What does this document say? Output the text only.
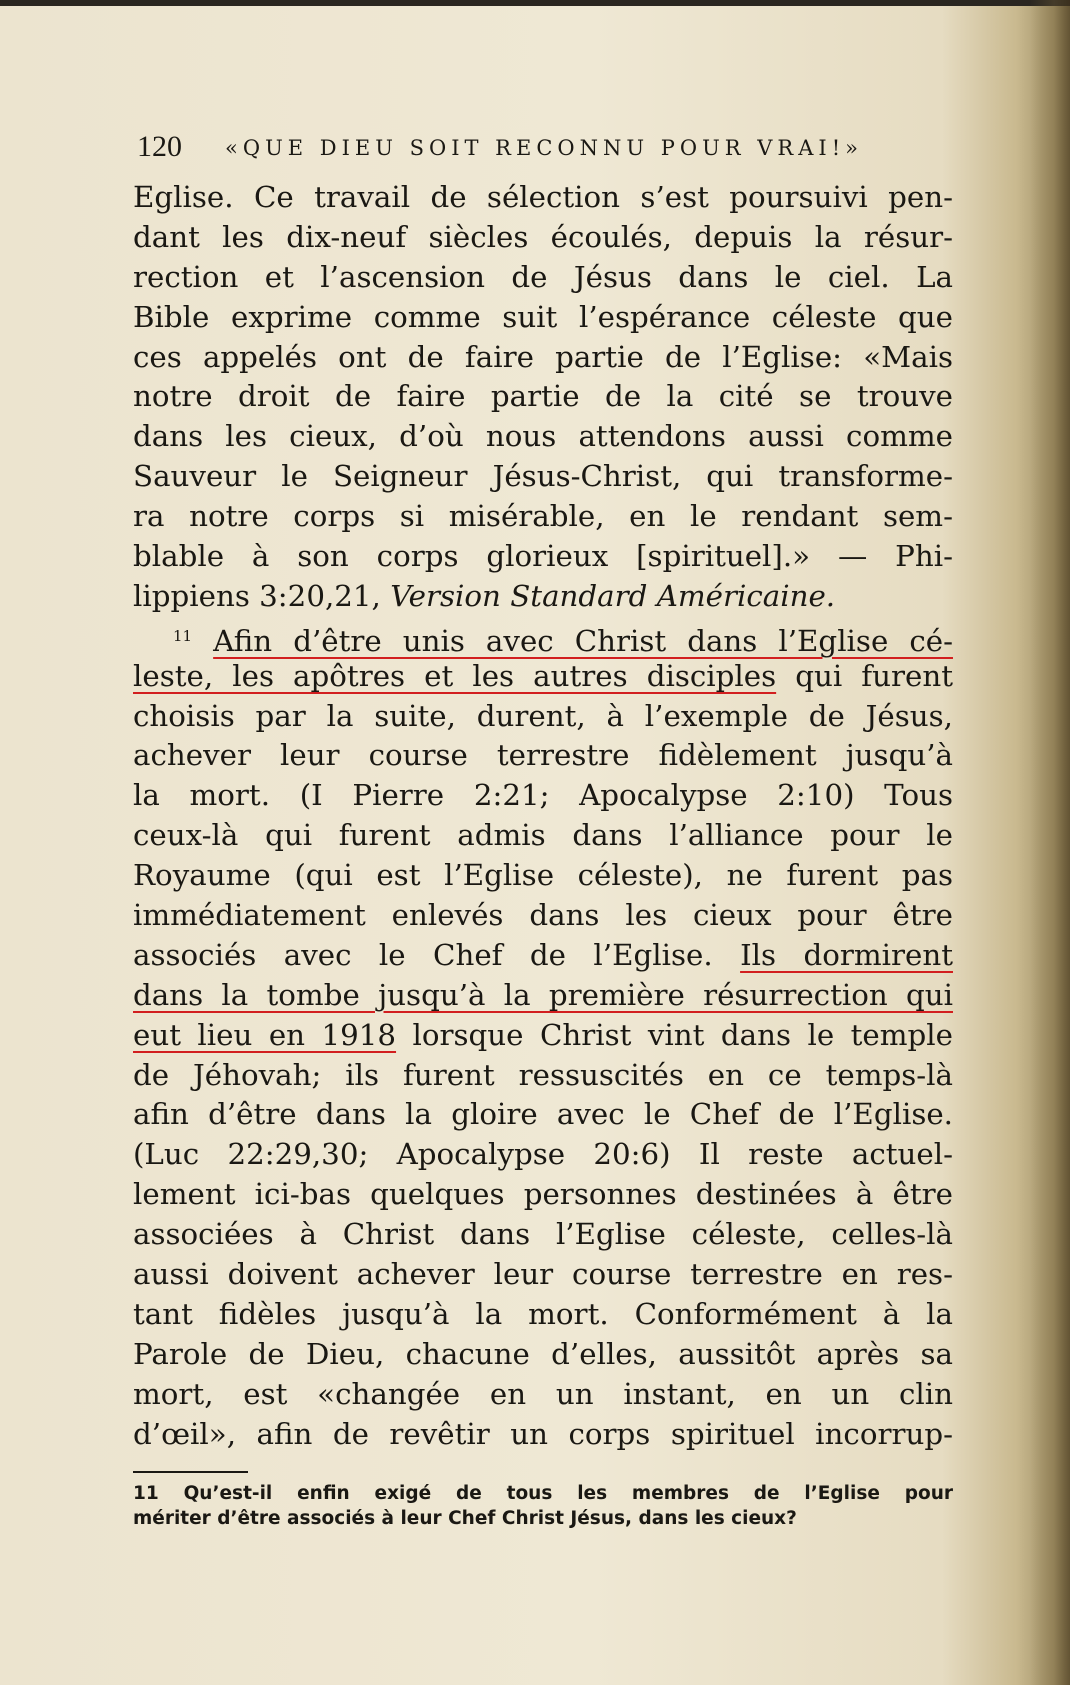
120 «QUE DIEU SOIT RECONNU POUR VRAI!»
Eglise. Ce travail de sélection s’est poursuivi pen-
dant les dix-neuf siècles écoulés, depuis la résur-
rection et l’ascension de Jésus dans le ciel. La
Bible exprime comme suit l’espérance céleste que
ces appelés ont de faire partie de l’Eglise: «Mais
notre droit de faire partie de la cité se trouve
dans les cieux, d’où nous attendons aussi comme
Sauveur le Seigneur Jésus-Christ, qui transforme-
ra notre corps si misérable, en le rendant sem-
blable à son corps glorieux [spirituel].» — Phi-
lippiens 3:20,21, Version Standard Américaine.
$^{11}$ Afin d’être unis avec Christ dans l’Eglise cé-
leste, les apôtres et les autres disciples qui furent
choisis par la suite, durent, à l’exemple de Jésus,
achever leur course terrestre fidèlement jusqu’à
la mort. (I Pierre 2:21; Apocalypse 2:10) Tous
ceux-là qui furent admis dans l’alliance pour le
Royaume (qui est l’Eglise céleste), ne furent pas
immédiatement enlevés dans les cieux pour être
associés avec le Chef de l’Eglise. Ils dormirent
dans la tombe jusqu’à la première résurrection qui
eut lieu en 1918 lorsque Christ vint dans le temple
de Jéhovah; ils furent ressuscités en ce temps-là
afin d’être dans la gloire avec le Chef de l’Eglise.
(Luc 22:29,30; Apocalypse 20:6) Il reste actuel-
lement ici-bas quelques personnes destinées à être
associées à Christ dans l’Eglise céleste, celles-là
aussi doivent achever leur course terrestre en res-
tant fidèles jusqu’à la mort. Conformément à la
Parole de Dieu, chacune d’elles, aussitôt après sa
mort, est «changée en un instant, en un clin
d’œil», afin de revêtir un corps spirituel incorrup-
11 Qu’est-il enfin exigé de tous les membres de l’Eglise pour
mériter d’être associés à leur Chef Christ Jésus, dans les cieux?
